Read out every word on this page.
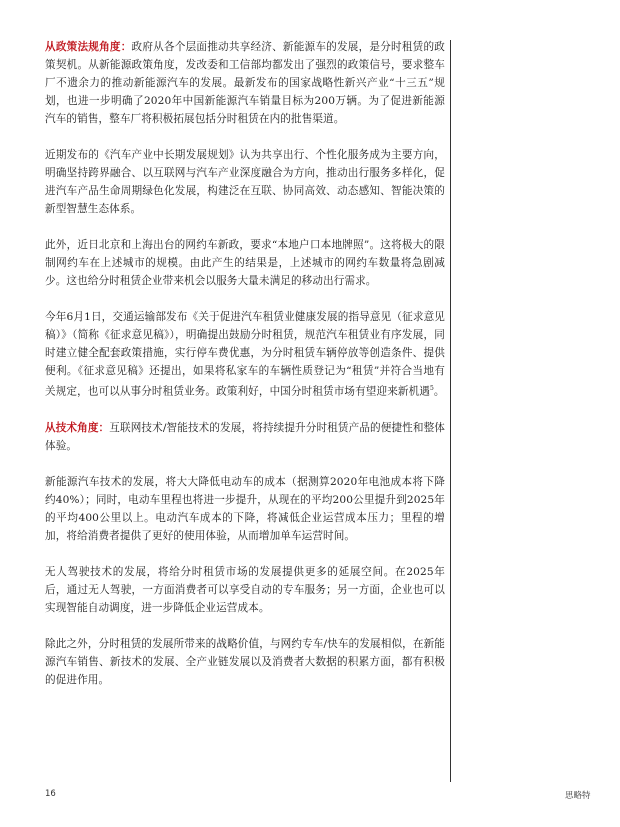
从政策法规角度：政府从各个层面推动共享经济、新能源车的发展，是分时租赁的政策契机。从新能源政策角度，发改委和工信部均都发出了强烈的政策信号，要求整车厂不遗余力的推动新能源汽车的发展。最新发布的国家战略性新兴产业“十三五”规划，也进一步明确了2020年中国新能源汽车销量目标为200万辆。为了促进新能源汽车的销售，整车厂将积极拓展包括分时租赁在内的批售渠道。

近期发布的《汽车产业中长期发展规划》认为共享出行、个性化服务成为主要方向，明确坚持跨界融合、以互联网与汽车产业深度融合为方向，推动出行服务多样化，促进汽车产品生命周期绿色化发展，构建泛在互联、协同高效、动态感知、智能决策的新型智慧生态体系。

此外，近日北京和上海出台的网约车新政，要求“本地户口本地牌照”。这将极大的限制网约车在上述城市的规模。由此产生的结果是，上述城市的网约车数量将急剧减少。这也给分时租赁企业带来机会以服务大量未满足的移动出行需求。

今年6月1日，交通运输部发布《关于促进汽车租赁业健康发展的指导意见（征求意见稿）》（简称《征求意见稿》），明确提出鼓励分时租赁，规范汽车租赁业有序发展，同时建立健全配套政策措施，实行停车费优惠，为分时租赁车辆停放等创造条件、提供便利。《征求意见稿》还提出，如果将私家车的车辆性质登记为“租赁”并符合当地有关规定，也可以从事分时租赁业务。政策利好，中国分时租赁市场有望迎来新机遇$^5$。

从技术角度：互联网技术/智能技术的发展，将持续提升分时租赁产品的便捷性和整体体验。

新能源汽车技术的发展，将大大降低电动车的成本（据测算2020年电池成本将下降约40%）；同时，电动车里程也将进一步提升，从现在的平均200公里提升到2025年的平均400公里以上。电动汽车成本的下降，将减低企业运营成本压力；里程的增加，将给消费者提供了更好的使用体验，从而增加单车运营时间。

无人驾驶技术的发展，将给分时租赁市场的发展提供更多的延展空间。在2025年后，通过无人驾驶，一方面消费者可以享受自动的专车服务；另一方面，企业也可以实现智能自动调度，进一步降低企业运营成本。

除此之外，分时租赁的发展所带来的战略价值，与网约专车/快车的发展相似，在新能源汽车销售、新技术的发展、全产业链发展以及消费者大数据的积累方面，都有积极的促进作用。

16	思略特
